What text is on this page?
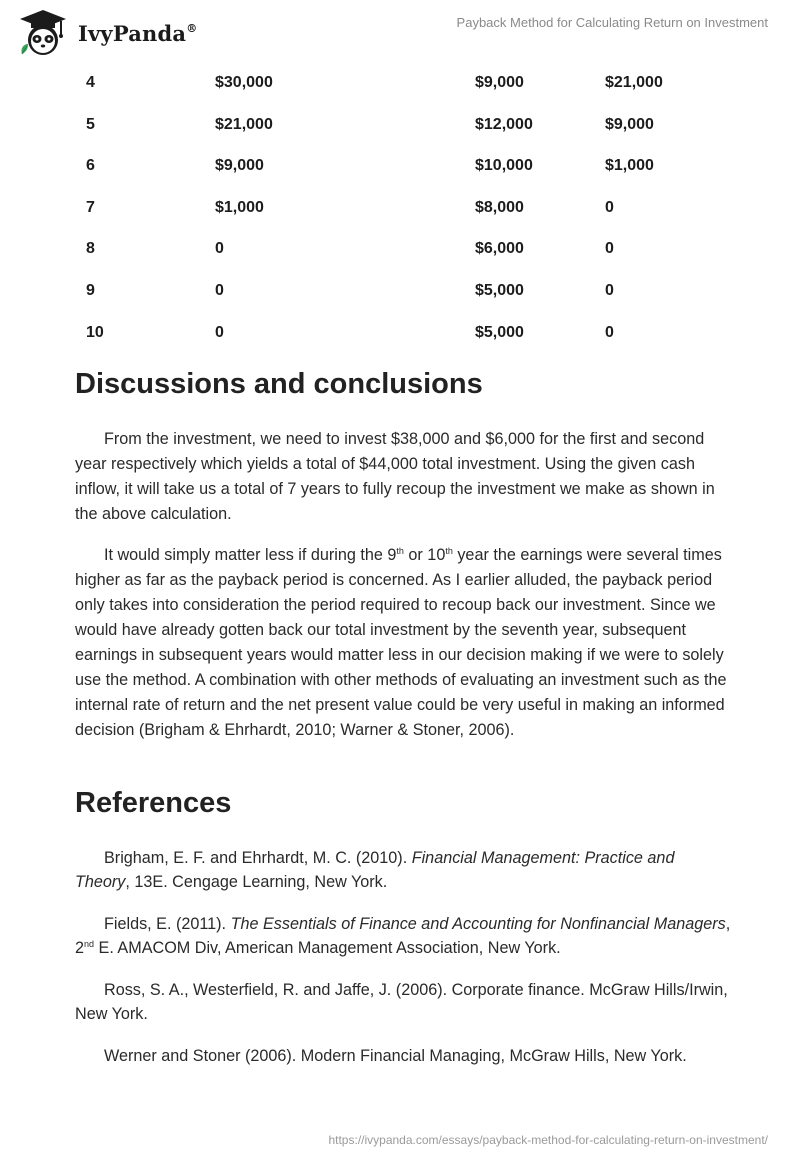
IvyPanda®	Payback Method for Calculating Return on Investment
4	$30,000	$9,000	$21,000
5	$21,000	$12,000	$9,000
6	$9,000	$10,000	$1,000
7	$1,000	$8,000	0
8	0	$6,000	0
9	0	$5,000	0
10	0	$5,000	0
Discussions and conclusions

From the investment, we need to invest $38,000 and $6,000 for the first and second year respectively which yields a total of $44,000 total investment. Using the given cash inflow, it will take us a total of 7 years to fully recoup the investment we make as shown in the above calculation.

It would simply matter less if during the 9th or 10th year the earnings were several times higher as far as the payback period is concerned. As I earlier alluded, the payback period only takes into consideration the period required to recoup back our investment. Since we would have already gotten back our total investment by the seventh year, subsequent earnings in subsequent years would matter less in our decision making if we were to solely use the method. A combination with other methods of evaluating an investment such as the internal rate of return and the net present value could be very useful in making an informed decision (Brigham & Ehrhardt, 2010; Warner & Stoner, 2006).

References

Brigham, E. F. and Ehrhardt, M. C. (2010). Financial Management: Practice and Theory, 13E. Cengage Learning, New York.

Fields, E. (2011). The Essentials of Finance and Accounting for Nonfinancial Managers, 2nd E. AMACOM Div, American Management Association, New York.

Ross, S. A., Westerfield, R. and Jaffe, J. (2006). Corporate finance. McGraw Hills/Irwin, New York.

Werner and Stoner (2006). Modern Financial Managing, McGraw Hills, New York.

https://ivypanda.com/essays/payback-method-for-calculating-return-on-investment/
